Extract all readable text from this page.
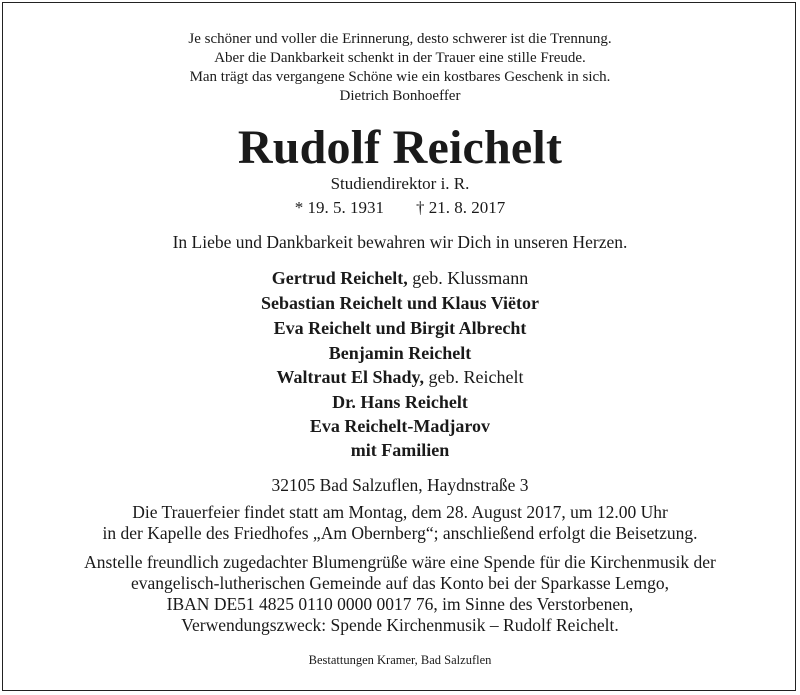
Je schöner und voller die Erinnerung, desto schwerer ist die Trennung.
Aber die Dankbarkeit schenkt in der Trauer eine stille Freude.
Man trägt das vergangene Schöne wie ein kostbares Geschenk in sich.
Dietrich Bonhoeffer
Rudolf Reichelt
Studiendirektor i. R.
* 19. 5. 1931 † 21. 8. 2017
In Liebe und Dankbarkeit bewahren wir Dich in unseren Herzen.
Gertrud Reichelt, geb. Klussmann
Sebastian Reichelt und Klaus Viëtor
Eva Reichelt und Birgit Albrecht
Benjamin Reichelt
Waltraut El Shady, geb. Reichelt
Dr. Hans Reichelt
Eva Reichelt-Madjarov
mit Familien
32105 Bad Salzuflen, Haydnstraße 3
Die Trauerfeier findet statt am Montag, dem 28. August 2017, um 12.00 Uhr
in der Kapelle des Friedhofes „Am Obernberg“; anschließend erfolgt die Beisetzung.
Anstelle freundlich zugedachter Blumengrüße wäre eine Spende für die Kirchenmusik der
evangelisch-lutherischen Gemeinde auf das Konto bei der Sparkasse Lemgo,
IBAN DE51 4825 0110 0000 0017 76, im Sinne des Verstorbenen,
Verwendungszweck: Spende Kirchenmusik – Rudolf Reichelt.
Bestattungen Kramer, Bad Salzuflen
